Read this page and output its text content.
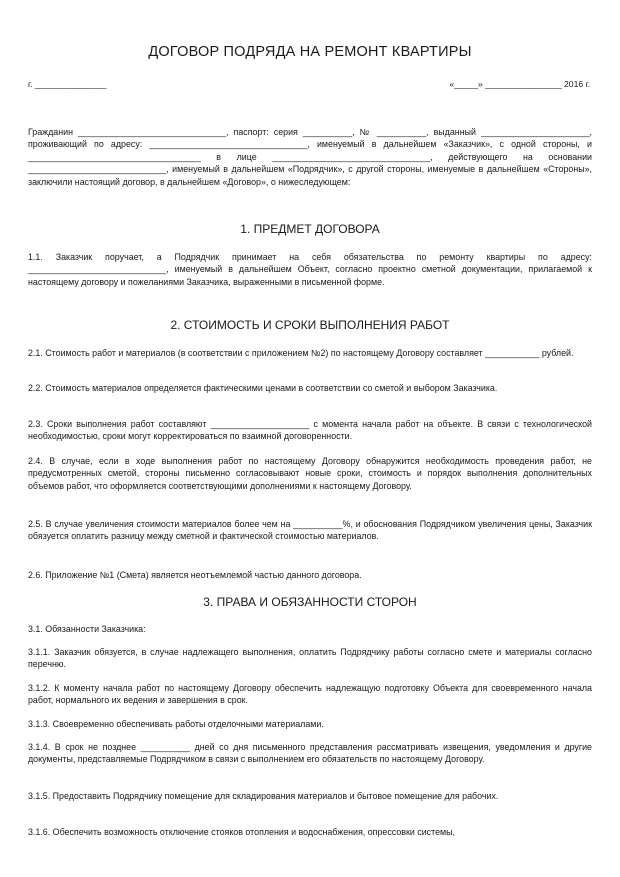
ДОГОВОР ПОДРЯДА НА РЕМОНТ КВАРТИРЫ
г. _______________	«_____» ________________ 2016 г.
Гражданин ______________________________, паспорт: серия __________, № __________, выданный ______________________, проживающий по адресу: ________________________________, именуемый в дальнейшем «Заказчик», с одной стороны, и ___________________________________ в лице ________________________________, действующего на основании ____________________________, именуемый в дальнейшем «Подрядчик», с другой стороны, именуемые в дальнейшем «Стороны», заключили настоящий договор, в дальнейшем «Договор», о нижеследующем:
1. ПРЕДМЕТ ДОГОВОРА
1.1. Заказчик поручает, а Подрядчик принимает на себя обязательства по ремонту квартиры по адресу: ____________________________, именуемый в дальнейшем Объект, согласно проектно сметной документации, прилагаемой к настоящему договору и пожеланиями Заказчика, выраженными в письменной форме.
2. СТОИМОСТЬ И СРОКИ ВЫПОЛНЕНИЯ РАБОТ
2.1. Стоимость работ и материалов (в соответствии с приложением №2) по настоящему Договору составляет ___________ рублей.
2.2. Стоимость материалов определяется фактическими ценами в соответствии со сметой и выбором Заказчика.
2.3. Сроки выполнения работ составляют ____________________ с момента начала работ на объекте. В связи с технологической необходимостью, сроки могут корректироваться по взаимной договоренности.
2.4. В случае, если в ходе выполнения работ по настоящему Договору обнаружится необходимость проведения работ, не предусмотренных сметой, стороны письменно согласовывают новые сроки, стоимость и порядок выполнения дополнительных объемов работ, что оформляется соответствующими дополнениями к настоящему Договору.
2.5. В случае увеличения стоимости материалов более чем на __________%, и обоснования Подрядчиком увеличения цены, Заказчик обязуется оплатить разницу между сметной и фактической стоимостью материалов.
2.6. Приложение №1 (Смета) является неотъемлемой частью данного договора.
3. ПРАВА И ОБЯЗАННОСТИ СТОРОН
3.1. Обязанности Заказчика:
3.1.1. Заказчик обязуется, в случае надлежащего выполнения, оплатить Подрядчику работы согласно смете и материалы согласно перечню.
3.1.2. К моменту начала работ по настоящему Договору обеспечить надлежащую подготовку Объекта для своевременного начала работ, нормального их ведения и завершения в срок.
3.1.3. Своевременно обеспечивать работы отделочными материалами.
3.1.4. В срок не позднее __________ дней со дня письменного представления рассматривать извещения, уведомления и другие документы, представляемые Подрядчиком в связи с выполнением его обязательств по настоящему Договору.
3.1.5. Предоставить Подрядчику помещение для складирования материалов и бытовое помещение для рабочих.
3.1.6. Обеспечить возможность отключение стояков отопления и водоснабжения, опрессовки системы,
